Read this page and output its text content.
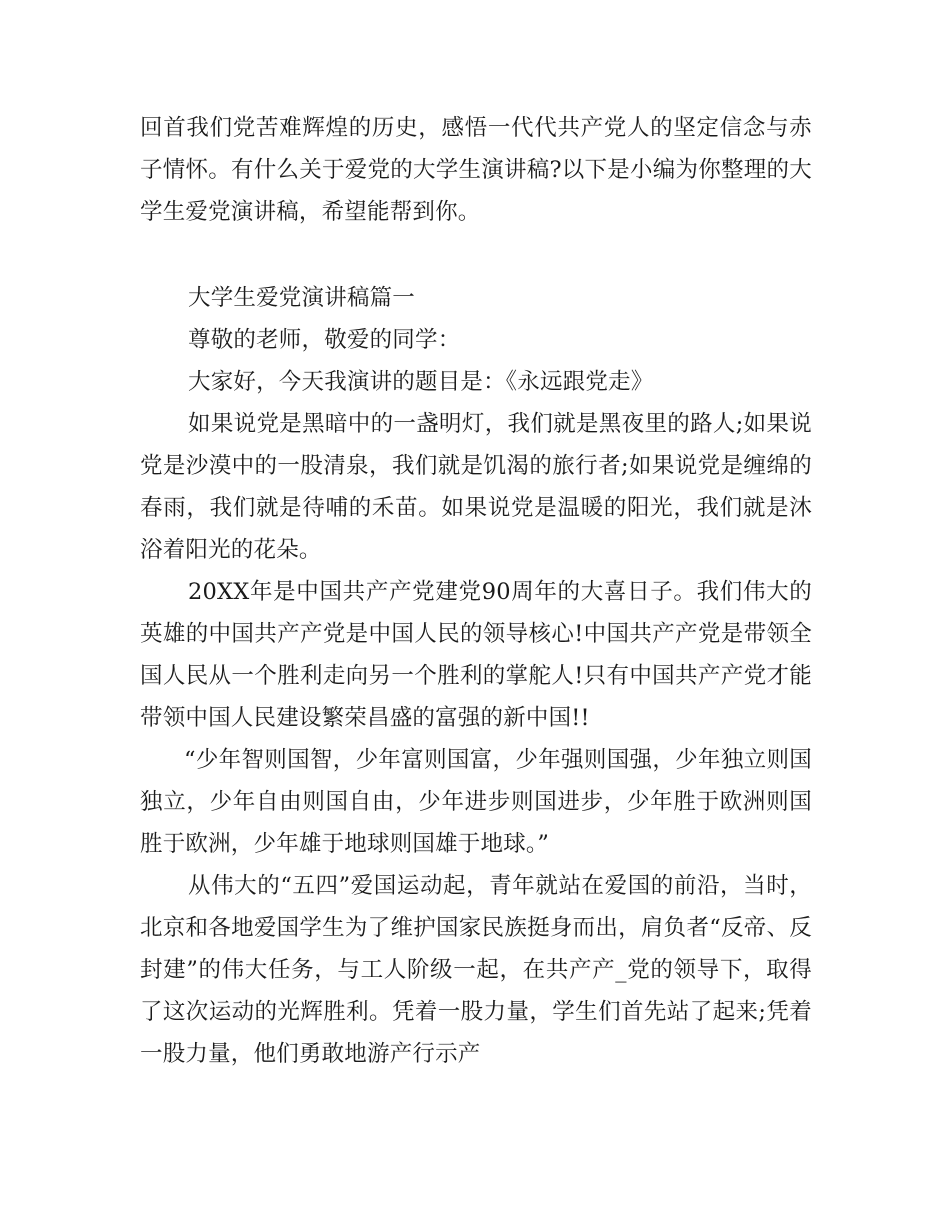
回首我们党苦难辉煌的历史，感悟一代代共产党人的坚定信念与赤子情怀。有什么关于爱党的大学生演讲稿?以下是小编为你整理的大学生爱党演讲稿，希望能帮到你。

大学生爱党演讲稿篇一

尊敬的老师，敬爱的同学：

大家好，今天我演讲的题目是：《永远跟党走》

如果说党是黑暗中的一盏明灯，我们就是黑夜里的路人;如果说党是沙漠中的一股清泉，我们就是饥渴的旅行者;如果说党是缠绵的春雨，我们就是待哺的禾苗。如果说党是温暖的阳光，我们就是沐浴着阳光的花朵。

20XX年是中国共产产党建党90周年的大喜日子。我们伟大的英雄的中国共产产党是中国人民的领导核心!中国共产产党是带领全国人民从一个胜利走向另一个胜利的掌舵人!只有中国共产产党才能带领中国人民建设繁荣昌盛的富强的新中国!!

“少年智则国智，少年富则国富，少年强则国强，少年独立则国独立，少年自由则国自由，少年进步则国进步，少年胜于欧洲则国胜于欧洲，少年雄于地球则国雄于地球。”

从伟大的“五四”爱国运动起，青年就站在爱国的前沿，当时，北京和各地爱国学生为了维护国家民族挺身而出，肩负者“反帝、反封建”的伟大任务，与工人阶级一起，在共产产_党的领导下，取得了这次运动的光辉胜利。凭着一股力量，学生们首先站了起来;凭着一股力量，他们勇敢地游产行示产
